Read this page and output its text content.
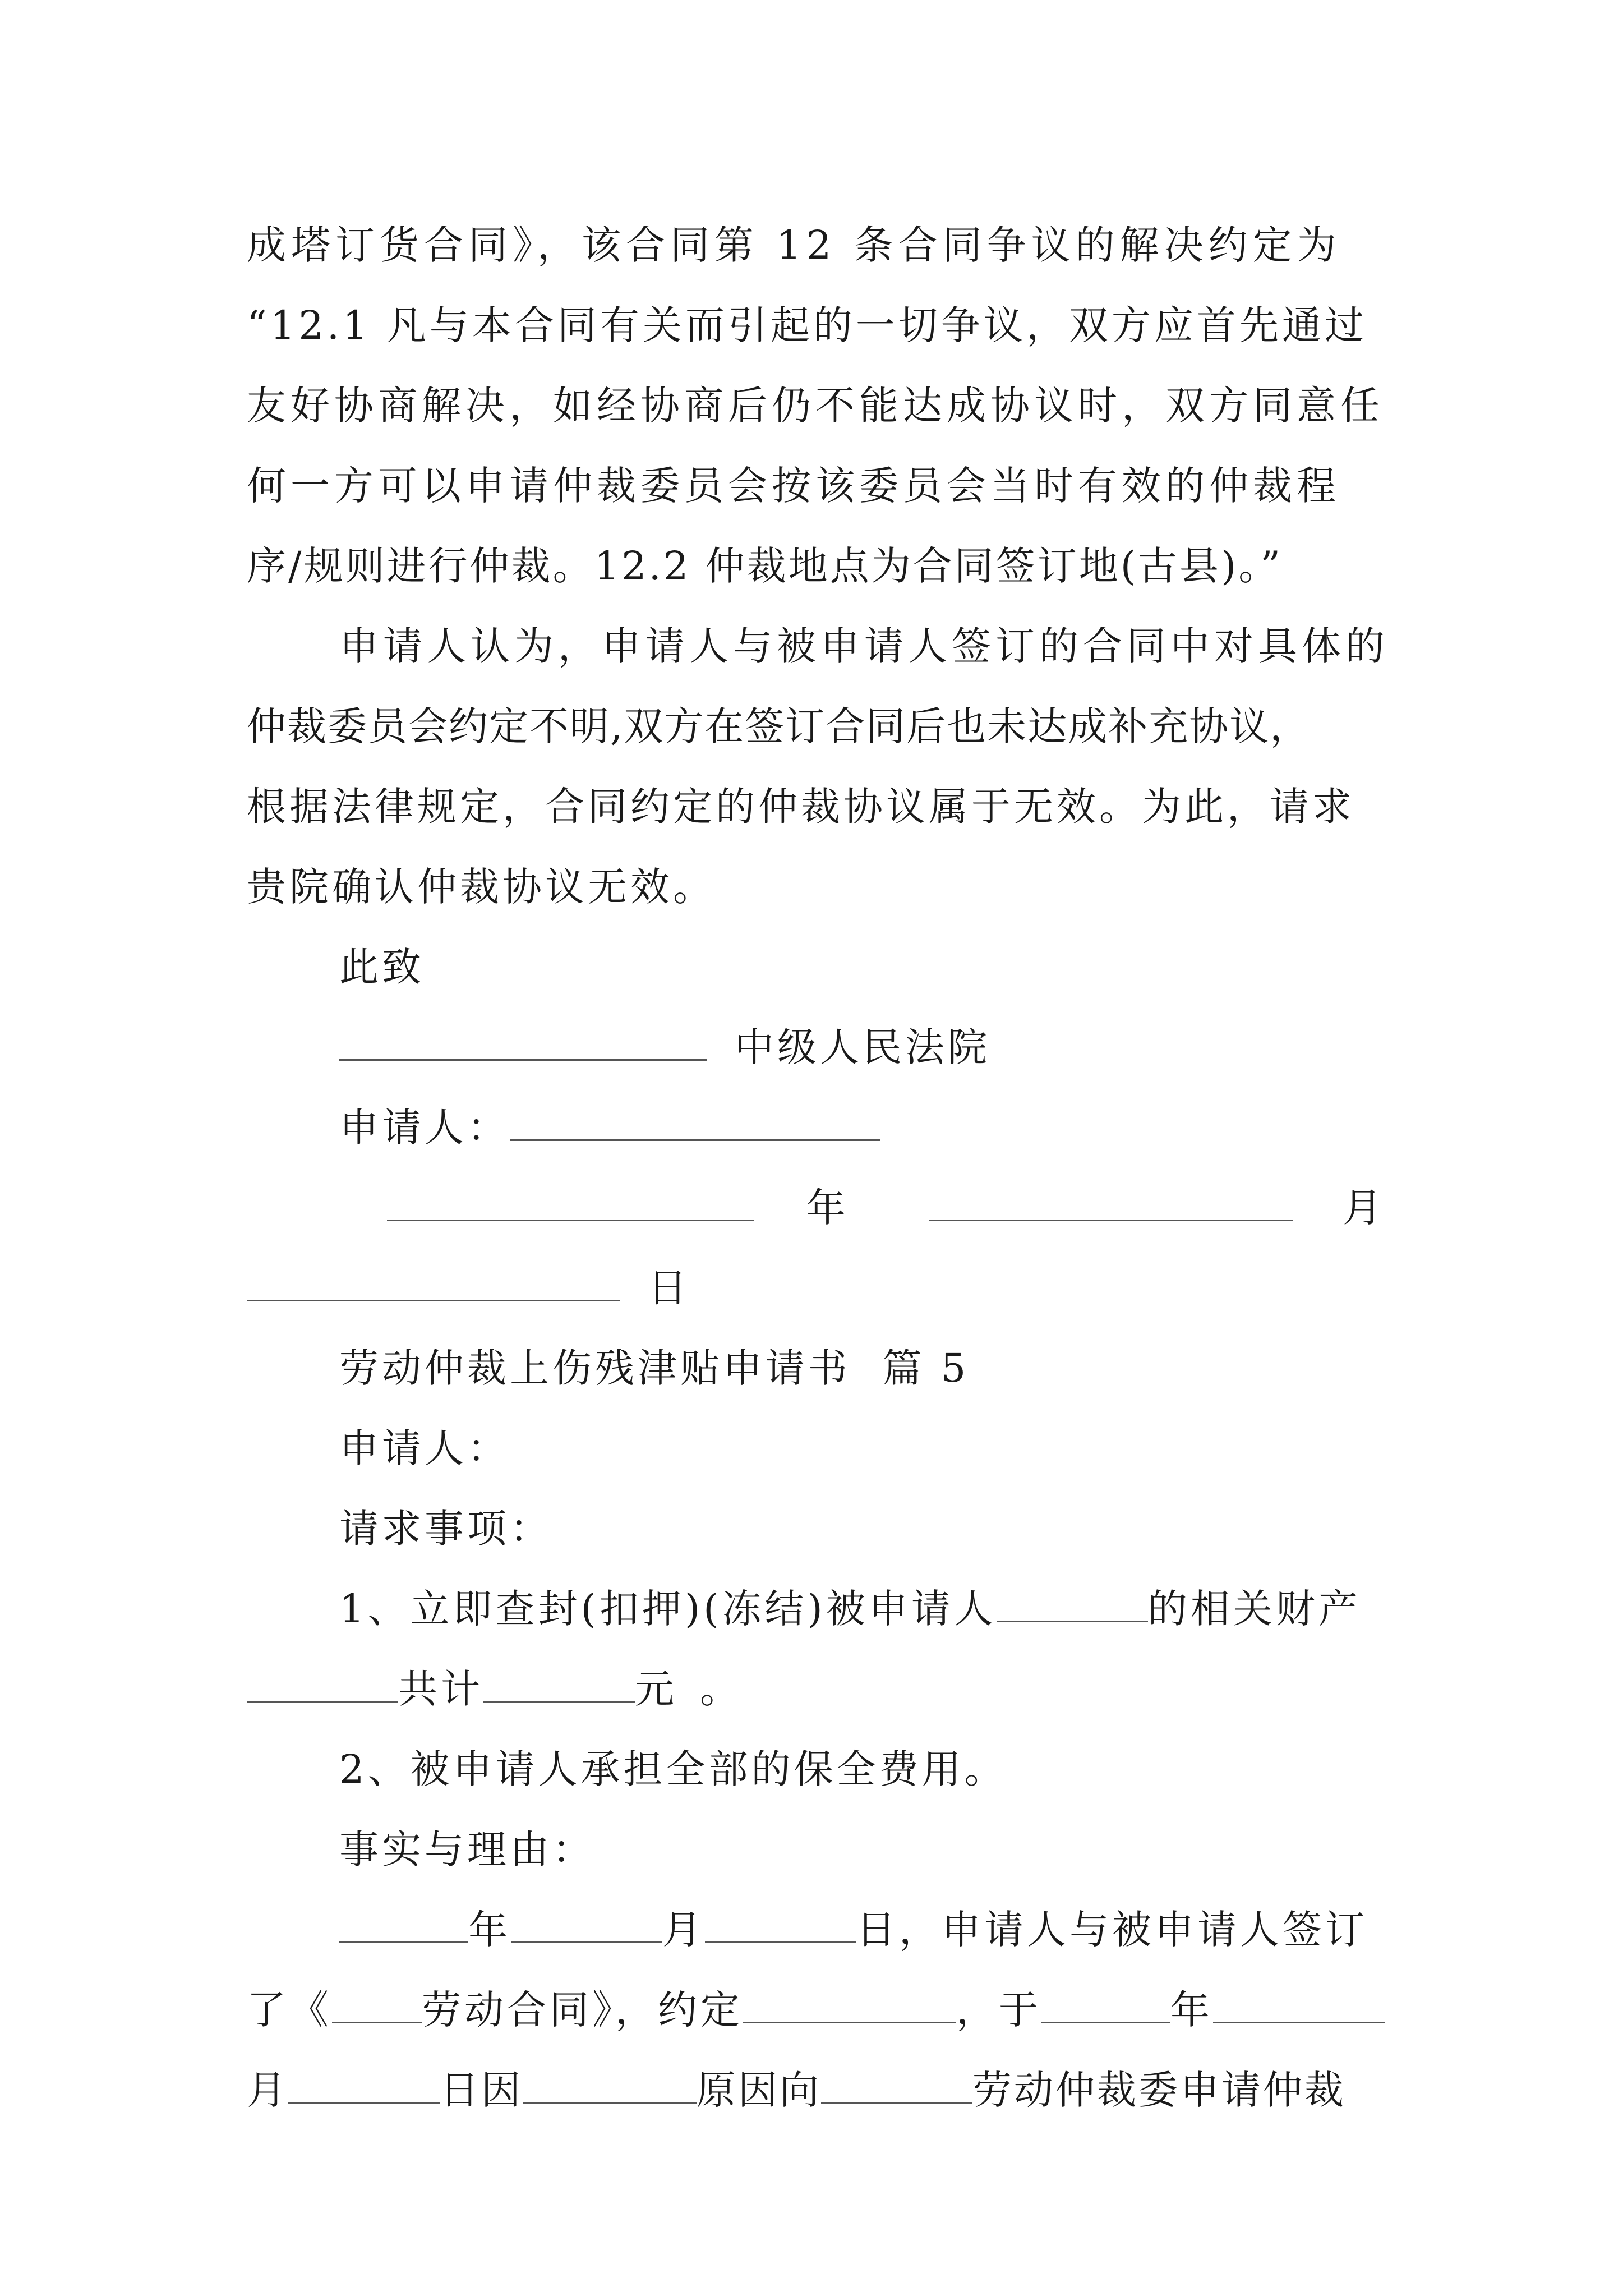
成塔订货合同》，该合同第 12 条合同争议的解决约定为
“12.1 凡与本合同有关而引起的一切争议，双方应首先通过
友好协商解决，如经协商后仍不能达成协议时，双方同意任
何一方可以申请仲裁委员会按该委员会当时有效的仲裁程
序/规则进行仲裁。12.2 仲裁地点为合同签订地(古县)。”
申请人认为，申请人与被申请人签订的合同中对具体的
仲裁委员会约定不明,双方在签订合同后也未达成补充协议，
根据法律规定，合同约定的仲裁协议属于无效。为此，请求
贵院确认仲裁协议无效。
此致
中级人民法院
申请人：
年	月
日
劳动仲裁上伤残津贴申请书  篇 5
申请人：
请求事项：
1、立即查封(扣押)(冻结)被申请人	的相关财产
共计	元 。
2、被申请人承担全部的保全费用。
事实与理由：
年	月	日，申请人与被申请人签订
了《 劳动合同》，约定	，于	年
月	日因	原因向	劳动仲裁委申请仲裁
